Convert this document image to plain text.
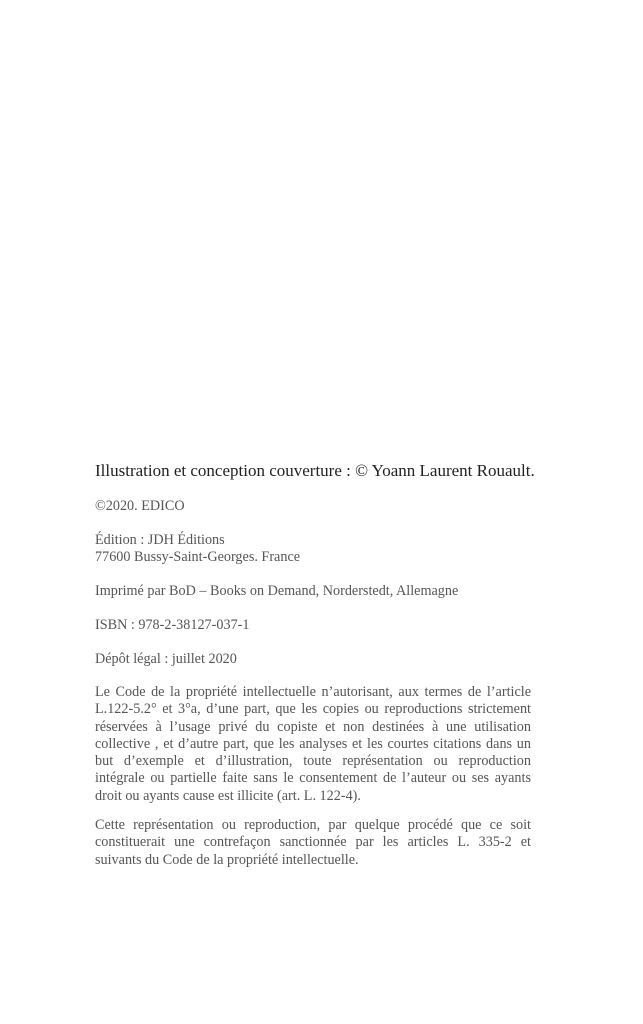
Illustration et conception couverture : © Yoann Laurent Rouault.

©2020. EDICO

Édition : JDH Éditions

77600 Bussy-Saint-Georges. France

Imprimé par BoD – Books on Demand, Norderstedt, Allemagne

ISBN : 978-2-38127-037-1

Dépôt légal : juillet 2020

Le Code de la propriété intellectuelle n’autorisant, aux termes de l’article L.122-5.2° et 3°a, d’une part, que les copies ou reproductions strictement réservées à l’usage privé du copiste et non destinées à une utilisation collective , et d’autre part, que les analyses et les courtes citations dans un but d’exemple et d’illustration, toute représentation ou reproduction intégrale ou partielle faite sans le consentement de l’auteur ou ses ayants droit ou ayants cause est illicite (art. L. 122-4).

Cette représentation ou reproduction, par quelque procédé que ce soit constituerait une contrefaçon sanctionnée par les articles L. 335-2 et suivants du Code de la propriété intellectuelle.
